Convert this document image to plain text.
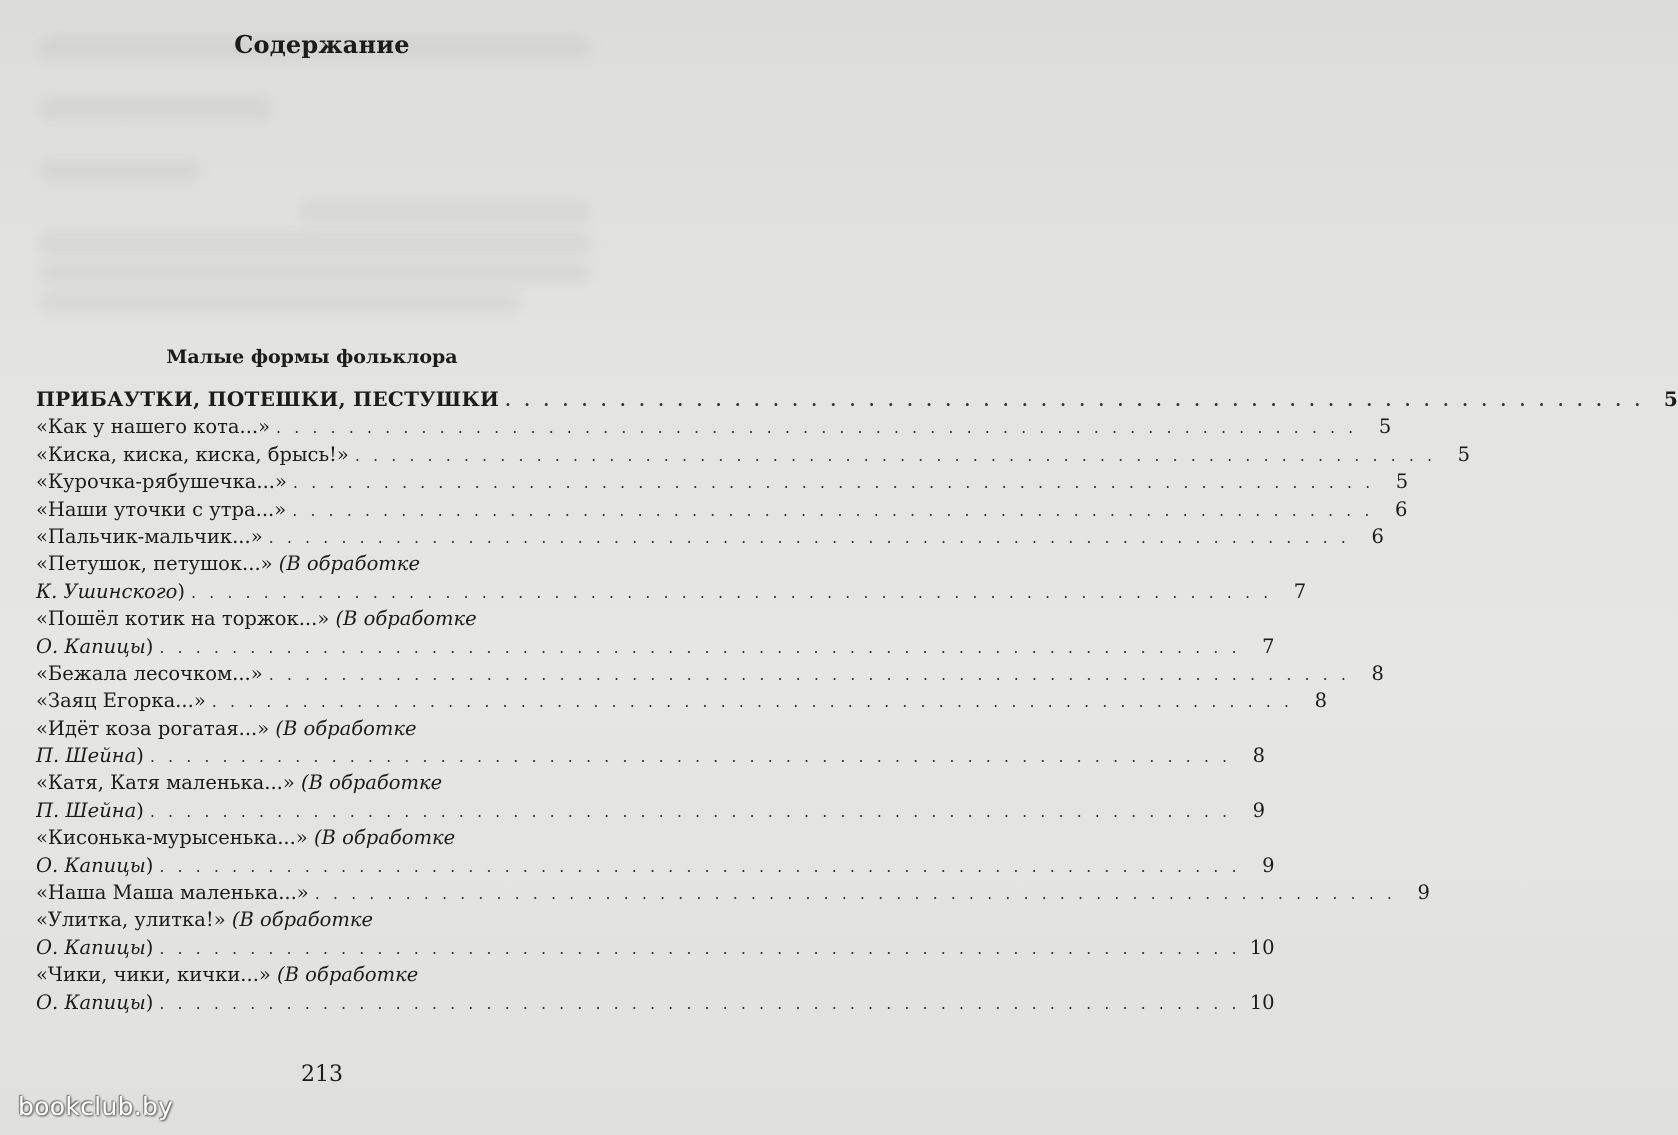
Содержание
Малые формы фольклора
ПРИБАУТКИ, ПОТЕШКИ, ПЕСТУШКИ . . . . . . . . . . . . . . . . . . . . . . . . . . . . . . . . . . . . . . . . . . . . . . . . . . . . . . . . . . . . 5
«Как у нашего кота...» . . . . . . . . . . . . . . . . . . . . . . . . . . . . . . . . . . . . . . . . . . . . . . . . . . . . . . . . . . . .	5
«Киска, киска, киска, брысь!» . . . . . . . . . . . . . . . . . . . . . . . . . . . . . . . . . . . . . . . . . . . . . . . . . . . . . . . . . . . .	5
«Курочка-рябушечка...» . . . . . . . . . . . . . . . . . . . . . . . . . . . . . . . . . . . . . . . . . . . . . . . . . . . . . . . . . . . .	5
«Наши уточки с утра...» . . . . . . . . . . . . . . . . . . . . . . . . . . . . . . . . . . . . . . . . . . . . . . . . . . . . . . . . . . . .	6
«Пальчик-мальчик...» . . . . . . . . . . . . . . . . . . . . . . . . . . . . . . . . . . . . . . . . . . . . . . . . . . . . . . . . . . . .	6
«Петушок, петушок...» (В обработке
К. Ушинского) . . . . . . . . . . . . . . . . . . . . . . . . . . . . . . . . . . . . . . . . . . . . . . . . . . . . . . . . . . . .	7
«Пошёл котик на торжок...» (В обработке
О. Капицы) . . . . . . . . . . . . . . . . . . . . . . . . . . . . . . . . . . . . . . . . . . . . . . . . . . . . . . . . . . . .	7
«Бежала лесочком...» . . . . . . . . . . . . . . . . . . . . . . . . . . . . . . . . . . . . . . . . . . . . . . . . . . . . . . . . . . . .	8
«Заяц Егорка...» . . . . . . . . . . . . . . . . . . . . . . . . . . . . . . . . . . . . . . . . . . . . . . . . . . . . . . . . . . . .	8
«Идёт коза рогатая...» (В обработке
П. Шейна) . . . . . . . . . . . . . . . . . . . . . . . . . . . . . . . . . . . . . . . . . . . . . . . . . . . . . . . . . . . .	8
«Катя, Катя маленька...» (В обработке
П. Шейна) . . . . . . . . . . . . . . . . . . . . . . . . . . . . . . . . . . . . . . . . . . . . . . . . . . . . . . . . . . . .	9
«Кисонька-мурысенька...» (В обработке
О. Капицы) . . . . . . . . . . . . . . . . . . . . . . . . . . . . . . . . . . . . . . . . . . . . . . . . . . . . . . . . . . . .	9
«Наша Маша маленька...» . . . . . . . . . . . . . . . . . . . . . . . . . . . . . . . . . . . . . . . . . . . . . . . . . . . . . . . . . . . .	9
«Улитка, улитка!» (В обработке
О. Капицы) . . . . . . . . . . . . . . . . . . . . . . . . . . . . . . . . . . . . . . . . . . . . . . . . . . . . . . . . . . . . 10
«Чики, чики, кички...» (В обработке
О. Капицы) . . . . . . . . . . . . . . . . . . . . . . . . . . . . . . . . . . . . . . . . . . . . . . . . . . . . . . . . . . . . 10
213
bookclub.by
